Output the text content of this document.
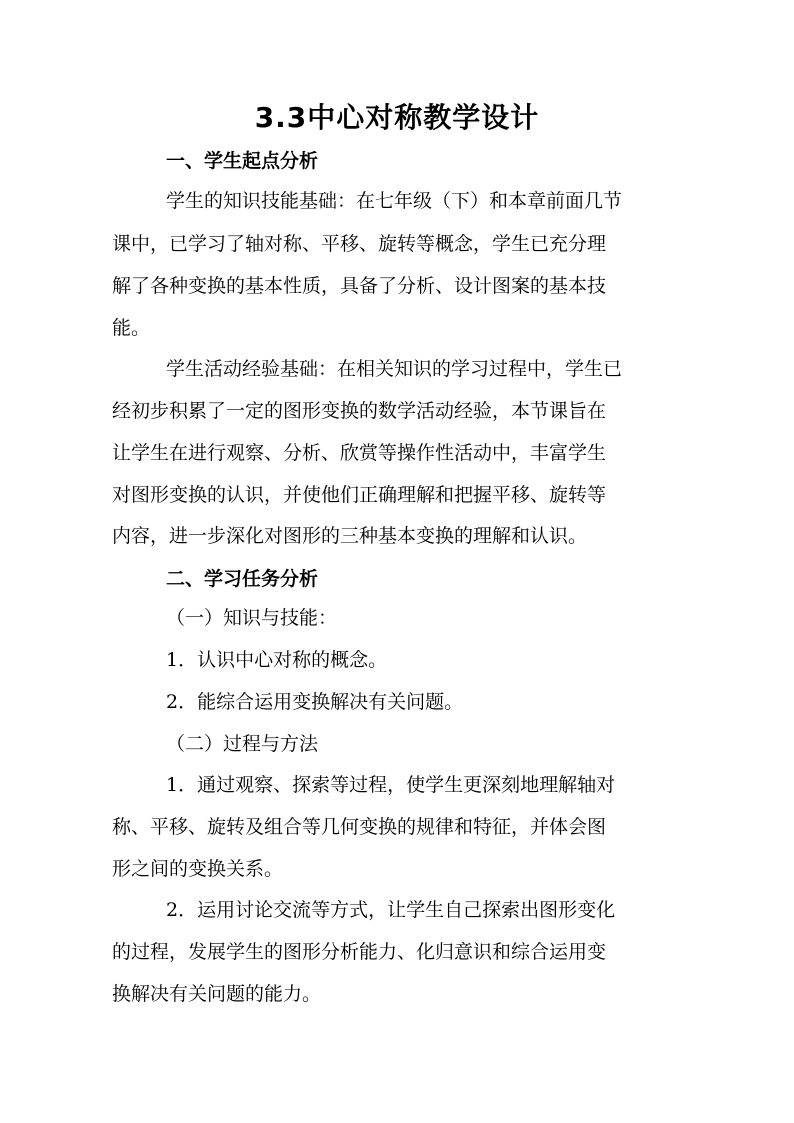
3.3中心对称教学设计
一、学生起点分析
学生的知识技能基础：在七年级（下）和本章前面几节
课中，已学习了轴对称、平移、旋转等概念，学生已充分理
解了各种变换的基本性质，具备了分析、设计图案的基本技
能。
学生活动经验基础：在相关知识的学习过程中，学生已
经初步积累了一定的图形变换的数学活动经验，本节课旨在
让学生在进行观察、分析、欣赏等操作性活动中，丰富学生
对图形变换的认识，并使他们正确理解和把握平移、旋转等
内容，进一步深化对图形的三种基本变换的理解和认识。
二、学习任务分析
（一）知识与技能：
1．认识中心对称的概念。
2．能综合运用变换解决有关问题。
（二）过程与方法
1．通过观察、探索等过程，使学生更深刻地理解轴对
称、平移、旋转及组合等几何变换的规律和特征，并体会图
形之间的变换关系。
2．运用讨论交流等方式，让学生自己探索出图形变化
的过程，发展学生的图形分析能力、化归意识和综合运用变
换解决有关问题的能力。
